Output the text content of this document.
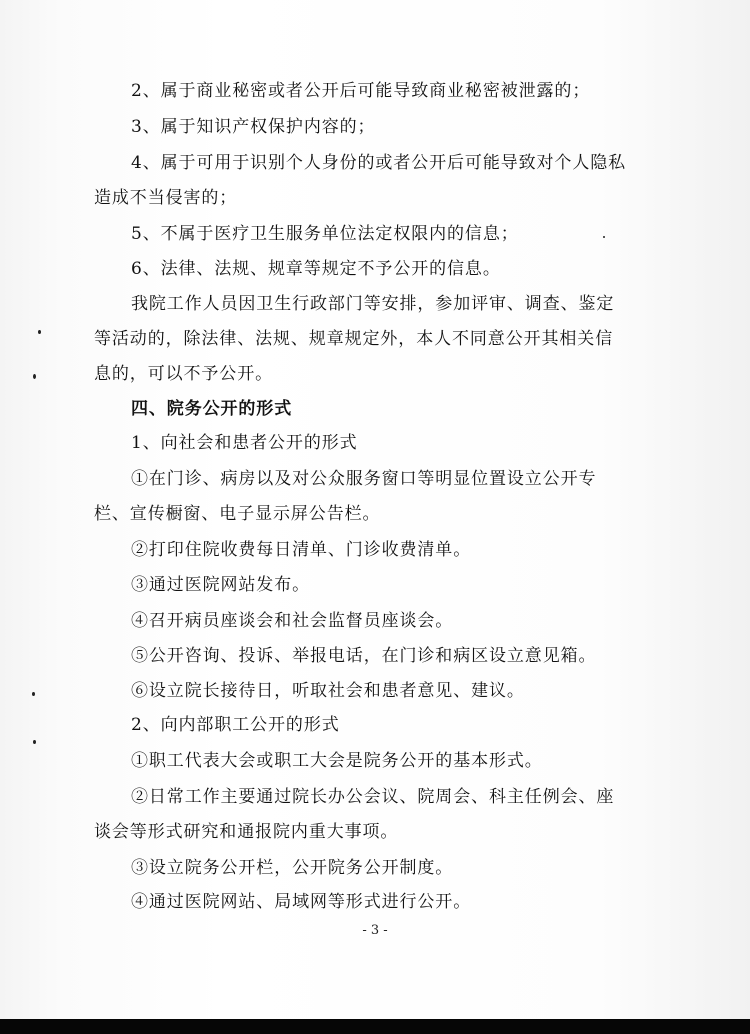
2、属于商业秘密或者公开后可能导致商业秘密被泄露的；
3、属于知识产权保护内容的；
4、属于可用于识别个人身份的或者公开后可能导致对个人隐私
造成不当侵害的；
5、不属于医疗卫生服务单位法定权限内的信息；
6、法律、法规、规章等规定不予公开的信息。
我院工作人员因卫生行政部门等安排，参加评审、调查、鉴定
等活动的，除法律、法规、规章规定外，本人不同意公开其相关信
息的，可以不予公开。
四、院务公开的形式
1、向社会和患者公开的形式
①在门诊、病房以及对公众服务窗口等明显位置设立公开专
栏、宣传橱窗、电子显示屏公告栏。
②打印住院收费每日清单、门诊收费清单。
③通过医院网站发布。
④召开病员座谈会和社会监督员座谈会。
⑤公开咨询、投诉、举报电话，在门诊和病区设立意见箱。
⑥设立院长接待日，听取社会和患者意见、建议。
2、向内部职工公开的形式
①职工代表大会或职工大会是院务公开的基本形式。
②日常工作主要通过院长办公会议、院周会、科主任例会、座
谈会等形式研究和通报院内重大事项。
③设立院务公开栏，公开院务公开制度。
④通过医院网站、局域网等形式进行公开。
- 3 -
